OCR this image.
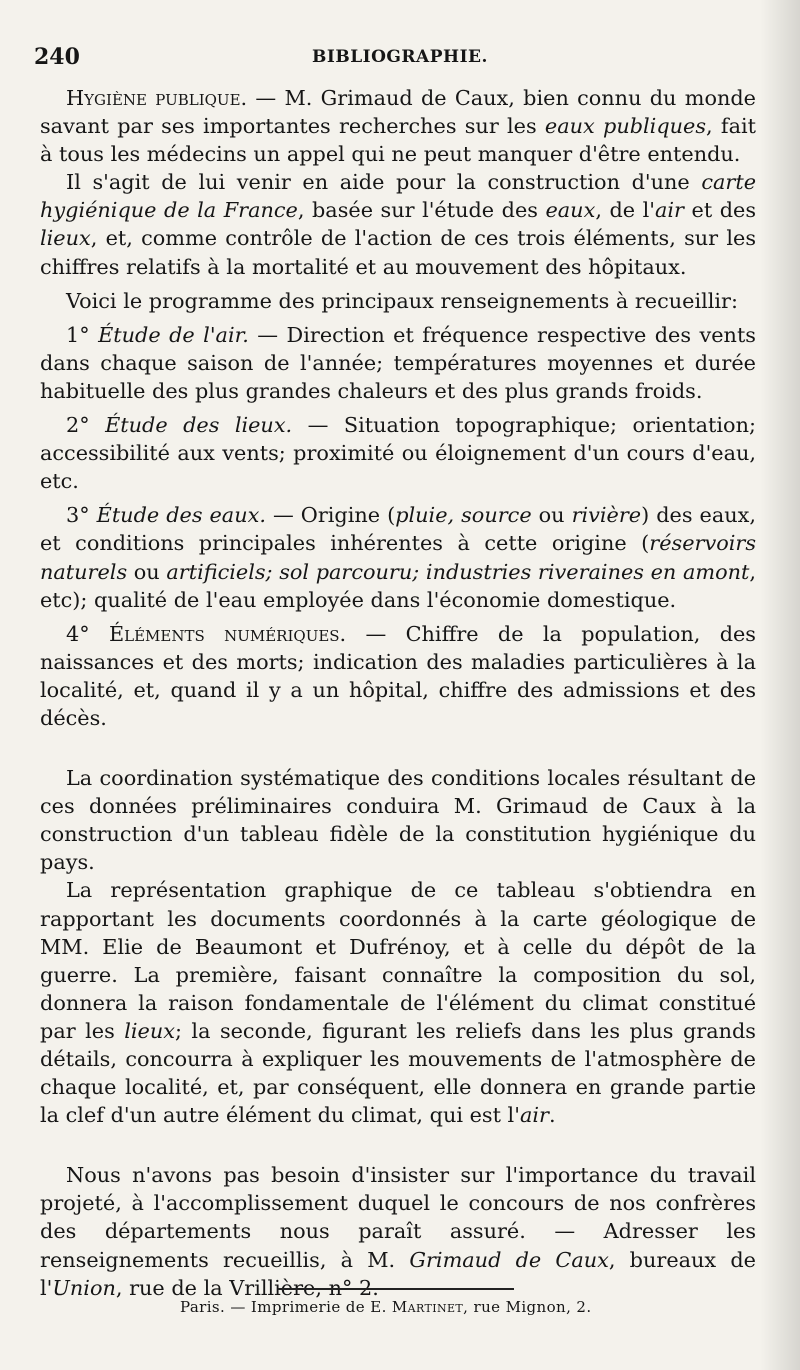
240	BIBLIOGRAPHIE.

Hygiène publique. — M. Grimaud de Caux, bien connu du monde savant par ses importantes recherches sur les eaux publiques, fait à tous les médecins un appel qui ne peut manquer d'être entendu.

Il s'agit de lui venir en aide pour la construction d'une carte hygiénique de la France, basée sur l'étude des eaux, de l'air et des lieux, et, comme contrôle de l'action de ces trois éléments, sur les chiffres relatifs à la mortalité et au mouvement des hôpitaux.

Voici le programme des principaux renseignements à recueillir:

1° Étude de l'air. — Direction et fréquence respective des vents dans chaque saison de l'année; températures moyennes et durée habituelle des plus grandes chaleurs et des plus grands froids.

2° Étude des lieux. — Situation topographique; orientation; accessibilité aux vents; proximité ou éloignement d'un cours d'eau, etc.

3° Étude des eaux. — Origine (pluie, source ou rivière) des eaux, et conditions principales inhérentes à cette origine (réservoirs naturels ou artificiels; sol parcouru; industries riveraines en amont, etc); qualité de l'eau employée dans l'économie domestique.

4° Éléments numériques. — Chiffre de la population, des naissances et des morts; indication des maladies particulières à la localité, et, quand il y a un hôpital, chiffre des admissions et des décès.

La coordination systématique des conditions locales résultant de ces données préliminaires conduira M. Grimaud de Caux à la construction d'un tableau fidèle de la constitution hygiénique du pays.

La représentation graphique de ce tableau s'obtiendra en rapportant les documents coordonnés à la carte géologique de MM. Elie de Beaumont et Dufrénoy, et à celle du dépôt de la guerre. La première, faisant connaître la composition du sol, donnera la raison fondamentale de l'élément du climat constitué par les lieux; la seconde, figurant les reliefs dans les plus grands détails, concourra à expliquer les mouvements de l'atmosphère de chaque localité, et, par conséquent, elle donnera en grande partie la clef d'un autre élément du climat, qui est l'air.

Nous n'avons pas besoin d'insister sur l'importance du travail projeté, à l'accomplissement duquel le concours de nos confrères des départements nous paraît assuré. — Adresser les renseignements recueillis, à M. Grimaud de Caux, bureaux de l'Union, rue de la Vrillière, n° 2.

Paris. — Imprimerie de E. Martinet, rue Mignon, 2.
